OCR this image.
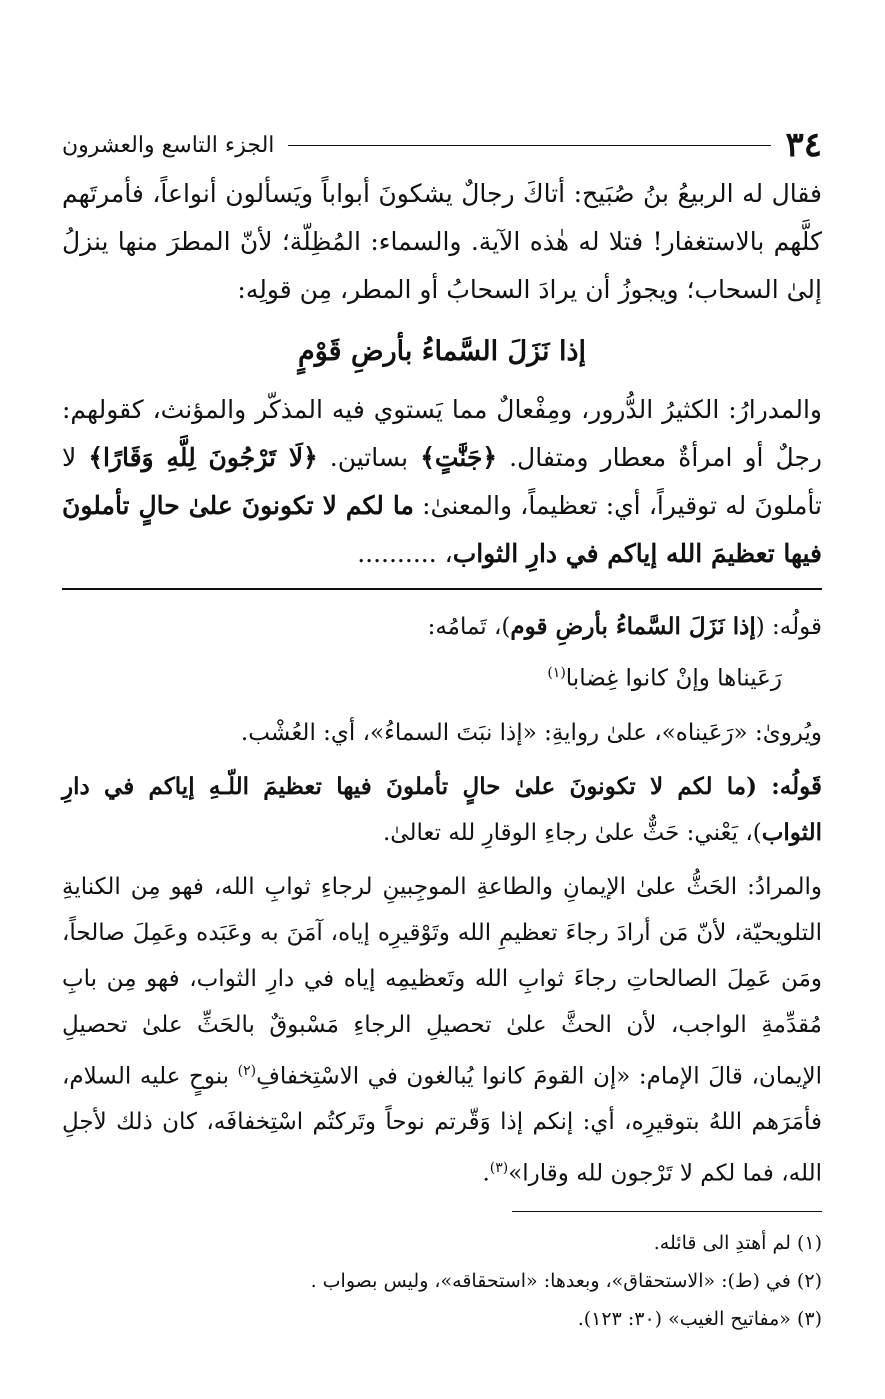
٣٤
الجزء التاسع والعشرون

فقال له الربيعُ بنُ صُبَيح: أتاكَ رجالٌ يشكونَ أبواباً ويَسألون أنواعاً، فأمرتَهم كلَّهم بالاستغفار! فتلا له هٰذه الآية. والسماء: المُظِلّة؛ لأنّ المطرَ منها ينزلُ إلىٰ السحاب؛ ويجوزُ أن يرادَ السحابُ أو المطر، مِن قولِه:

إذا نَزَلَ السَّماءُ بأرضِ قَوْمٍ

والمدرارُ: الكثيرُ الدُّرور، ومِفْعالٌ مما يَستوي فيه المذكّر والمؤنث، كقولهم: رجلٌ أو امرأةٌ معطار ومتفال. ﴿جَنَّٰتٍ﴾ بساتين. ﴿لَا تَرْجُونَ لِلَّهِ وَقَارًا﴾ لا تأملونَ له توقيراً، أي: تعظيماً، والمعنىٰ: ما لكم لا تكونونَ علىٰ حالٍ تأملونَ فيها تعظيمَ الله إياكم في دارِ الثواب، ..........

قولُه: (إذا نَزَلَ السَّماءُ بأرضِ قوم)، تَمامُه:

رَعَيناها وإنْ كانوا غِضابا$^{(١)}$

ويُروىٰ: «رَعَيناه»، علىٰ روايةِ: «إذا نبَتَ السماءُ»، أي: العُشْب.

قَولُه: (ما لكم لا تكونونَ علىٰ حالٍ تأملونَ فيها تعظيمَ اللّـهِ إياكم في دارِ الثواب)، يَعْني: حَثٌّ علىٰ رجاءِ الوقارِ لله تعالىٰ.

والمرادُ: الحَثُّ علىٰ الإيمانِ والطاعةِ الموجِبينِ لرجاءِ ثوابِ الله، فهو مِن الكنايةِ التلويحيّة، لأنّ مَن أرادَ رجاءَ تعظيمِ الله وتَوْقيرِه إياه، آمَنَ به وعَبَده وعَمِلَ صالحاً، ومَن عَمِلَ الصالحاتِ رجاءَ ثوابِ الله وتَعظيمِه إياه في دارِ الثواب، فهو مِن بابِ مُقدِّمةِ الواجب، لأن الحثَّ علىٰ تحصيلِ الرجاءِ مَسْبوقٌ بالحَثِّ علىٰ تحصيلِ الإيمان، قالَ الإمام: «إن القومَ كانوا يُبالغون في الاسْتِخفافِ$^{(٢)}$ بنوحٍ عليه السلام، فأمَرَهم اللهُ بتوقيرِه، أي: إنكم إذا وَقّرتم نوحاً وتَركتُم اسْتِخفافَه، كان ذلك لأجلِ الله، فما لكم لا تَرْجون لله وقارا»$^{(٣)}$.

(١) لم أهتدِ الى قائله.

(٢) في (ط): «الاستحقاق»، وبعدها: «استحقاقه»، وليس بصواب .

(٣) «مفاتيح الغيب» (٣٠: ١٢٣).
